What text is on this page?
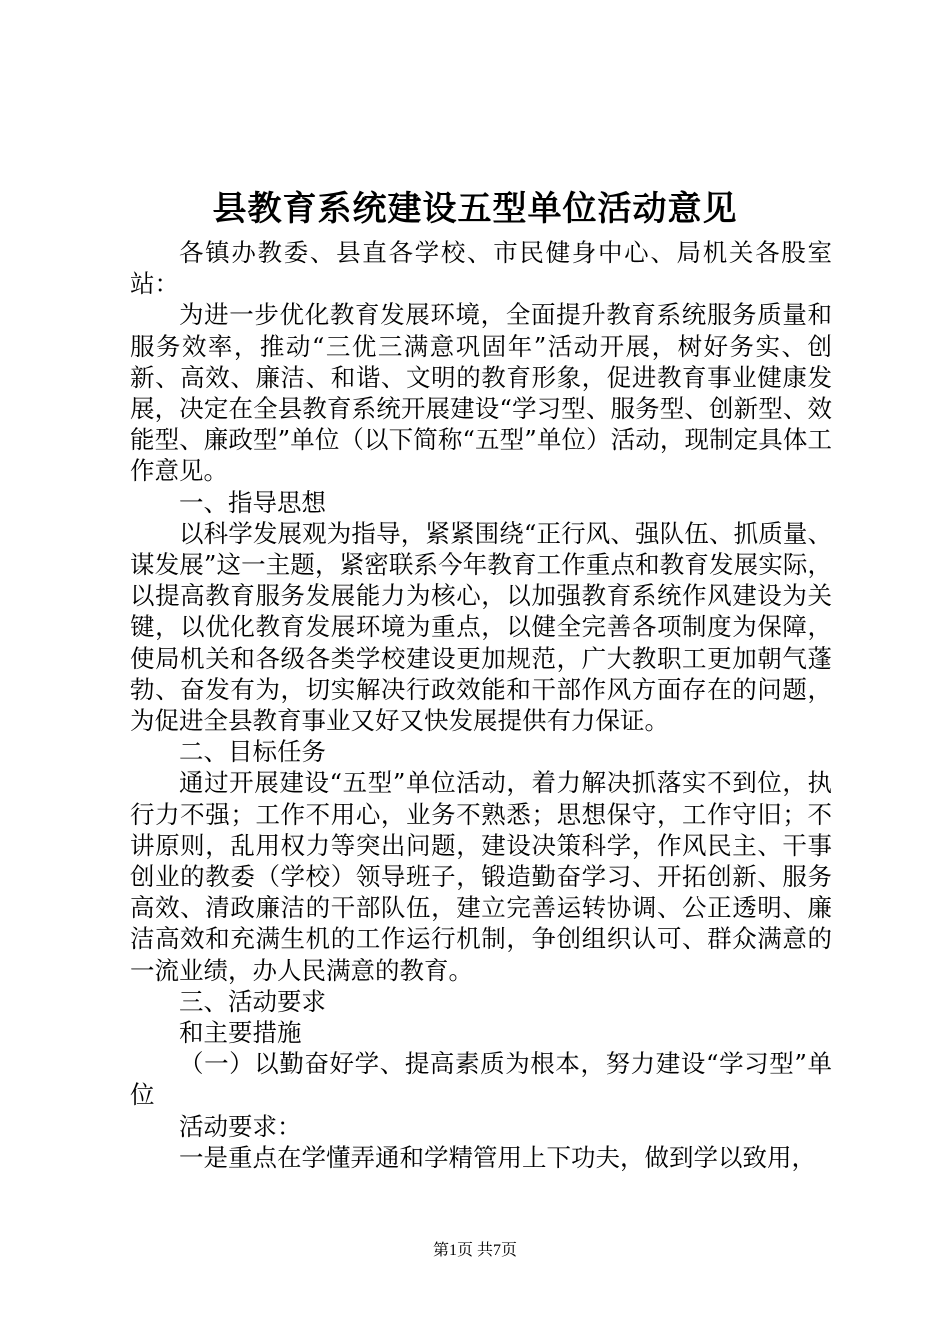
县教育系统建设五型单位活动意见

各镇办教委、县直各学校、市民健身中心、局机关各股室站：

为进一步优化教育发展环境，全面提升教育系统服务质量和服务效率，推动“三优三满意巩固年”活动开展，树好务实、创新、高效、廉洁、和谐、文明的教育形象，促进教育事业健康发展，决定在全县教育系统开展建设“学习型、服务型、创新型、效能型、廉政型”单位（以下简称“五型”单位）活动，现制定具体工作意见。

一、指导思想

以科学发展观为指导，紧紧围绕“正行风、强队伍、抓质量、谋发展”这一主题，紧密联系今年教育工作重点和教育发展实际，以提高教育服务发展能力为核心，以加强教育系统作风建设为关键，以优化教育发展环境为重点，以健全完善各项制度为保障，使局机关和各级各类学校建设更加规范，广大教职工更加朝气蓬勃、奋发有为，切实解决行政效能和干部作风方面存在的问题，为促进全县教育事业又好又快发展提供有力保证。

二、目标任务

通过开展建设“五型”单位活动，着力解决抓落实不到位，执行力不强；工作不用心，业务不熟悉；思想保守，工作守旧；不讲原则，乱用权力等突出问题，建设决策科学，作风民主、干事创业的教委（学校）领导班子，锻造勤奋学习、开拓创新、服务高效、清政廉洁的干部队伍，建立完善运转协调、公正透明、廉洁高效和充满生机的工作运行机制，争创组织认可、群众满意的一流业绩，办人民满意的教育。

三、活动要求

和主要措施

（一）以勤奋好学、提高素质为根本，努力建设“学习型”单位

活动要求：

一是重点在学懂弄通和学精管用上下功夫，做到学以致用，

第1页 共7页
